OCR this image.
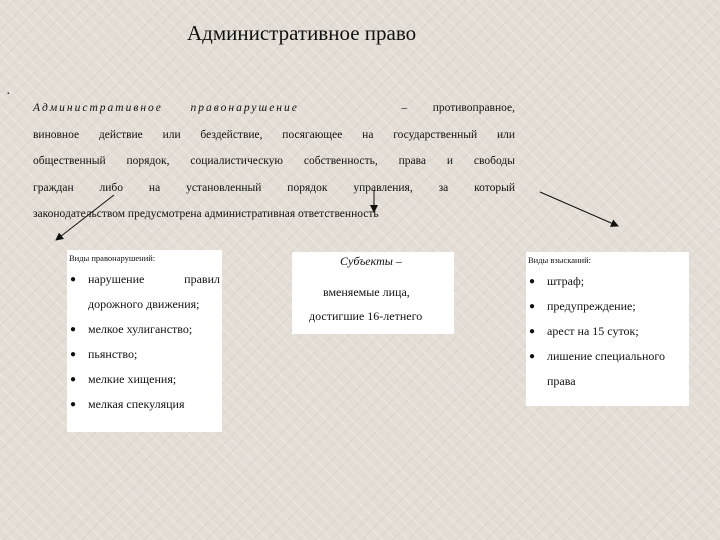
Административное право
·
Административное правонарушение	– противоправное,
виновное действие или бездействие, посягающее на государственный или
общественный порядок, социалистическую собственность, права и свободы
граждан либо на установленный порядок управления, за который
законодательством предусмотрена административная ответственность
Виды правонарушений:
● нарушение	правил
дорожного движения;
● мелкое хулиганство;
● пьянство;
● мелкие хищения;
● мелкая спекуляция
Субъекты –
вменяемые лица,
достигшие 16-летнего
Виды взысканий:
● штраф;
● предупреждение;
● арест на 15 суток;
● лишение специального
права
